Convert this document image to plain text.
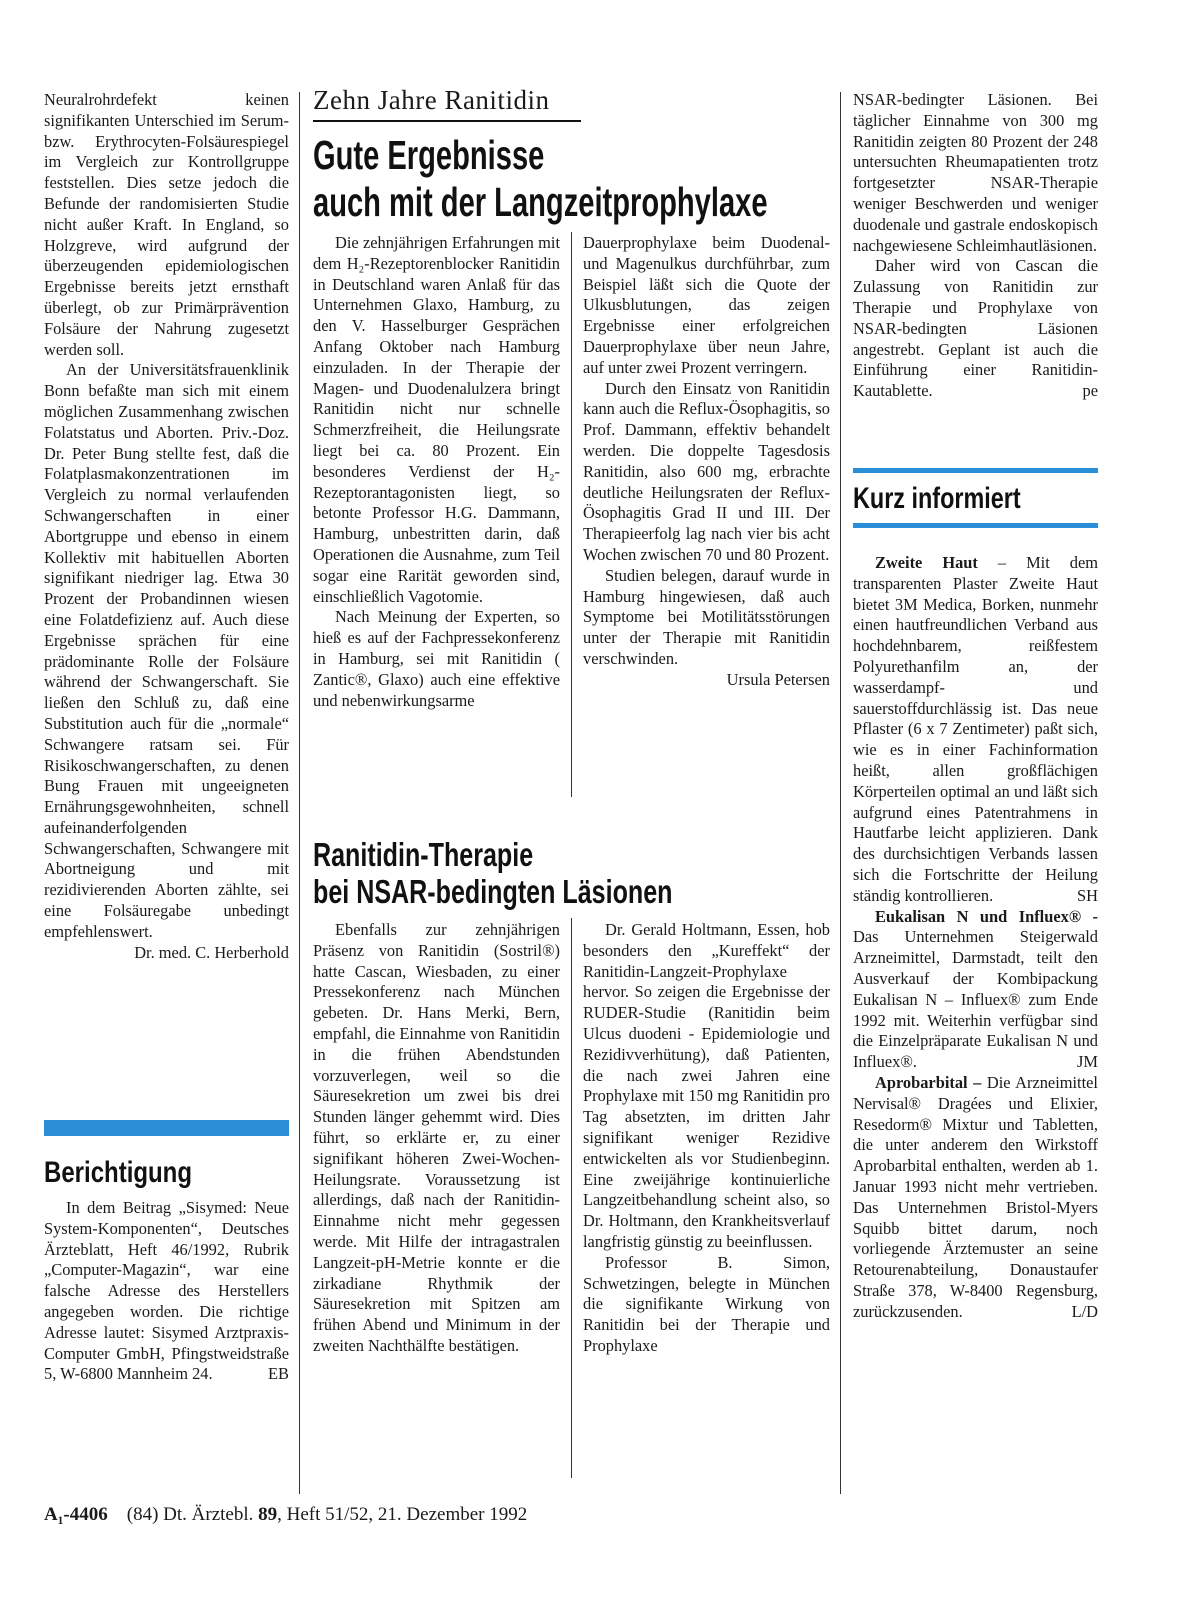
Neuralrohrdefekt keinen signifikanten Unterschied im Serum- bzw. Erythrocyten-Folsäurespiegel im Vergleich zur Kontrollgruppe feststellen. Dies setze jedoch die Befunde der randomisierten Studie nicht außer Kraft. In England, so Holzgreve, wird aufgrund der überzeugenden epidemiologischen Ergebnisse bereits jetzt ernsthaft überlegt, ob zur Primärprävention Folsäure der Nahrung zugesetzt werden soll.

An der Universitätsfrauenklinik Bonn befaßte man sich mit einem möglichen Zusammenhang zwischen Folatstatus und Aborten. Priv.-Doz. Dr. Peter Bung stellte fest, daß die Folatplasmakonzentrationen im Vergleich zu normal verlaufenden Schwangerschaften in einer Abortgruppe und ebenso in einem Kollektiv mit habituellen Aborten signifikant niedriger lag. Etwa 30 Prozent der Probandinnen wiesen eine Folatdefizienz auf. Auch diese Ergebnisse sprächen für eine prädominante Rolle der Folsäure während der Schwangerschaft. Sie ließen den Schluß zu, daß eine Substitution auch für die „normale“ Schwangere ratsam sei. Für Risikoschwangerschaften, zu denen Bung Frauen mit ungeeigneten Ernährungsgewohnheiten, schnell aufeinanderfolgenden Schwangerschaften, Schwangere mit Abortneigung und mit rezidivierenden Aborten zählte, sei eine Folsäuregabe unbedingt empfehlenswert.

Dr. med. C. Herberhold

Berichtigung

In dem Beitrag „Sisymed: Neue System-Komponenten“, Deutsches Ärzteblatt, Heft 46/1992, Rubrik „Computer-Magazin“, war eine falsche Adresse des Herstellers angegeben worden. Die richtige Adresse lautet: Sisymed Arztpraxis-Computer GmbH, Pfingstweidstraße 5, W-6800 Mannheim 24.	EB

Zehn Jahre Ranitidin
Gute Ergebnisse
auch mit der Langzeitprophylaxe

Die zehnjährigen Erfahrungen mit dem H₂-Rezeptorenblocker Ranitidin in Deutschland waren Anlaß für das Unternehmen Glaxo, Hamburg, zu den V. Hasselburger Gesprächen Anfang Oktober nach Hamburg einzuladen. In der Therapie der Magen- und Duodenalulzera bringt Ranitidin nicht nur schnelle Schmerzfreiheit, die Heilungsrate liegt bei ca. 80 Prozent. Ein besonderes Verdienst der H₂-Rezeptorantagonisten liegt, so betonte Professor H.G. Dammann, Hamburg, unbestritten darin, daß Operationen die Ausnahme, zum Teil sogar eine Rarität geworden sind, einschließlich Vagotomie.

Nach Meinung der Experten, so hieß es auf der Fachpressekonferenz in Hamburg, sei mit Ranitidin ( Zantic®, Glaxo) auch eine effektive und nebenwirkungsarme

Dauerprophylaxe beim Duodenal- und Magenulkus durchführbar, zum Beispiel läßt sich die Quote der Ulkusblutungen, das zeigen Ergebnisse einer erfolgreichen Dauerprophylaxe über neun Jahre, auf unter zwei Prozent verringern.

Durch den Einsatz von Ranitidin kann auch die Reflux-Ösophagitis, so Prof. Dammann, effektiv behandelt werden. Die doppelte Tagesdosis Ranitidin, also 600 mg, erbrachte deutliche Heilungsraten der Reflux-Ösophagitis Grad II und III. Der Therapieerfolg lag nach vier bis acht Wochen zwischen 70 und 80 Prozent.

Studien belegen, darauf wurde in Hamburg hingewiesen, daß auch Symptome bei Motilitätsstörungen unter der Therapie mit Ranitidin verschwinden.

Ursula Petersen

Ranitidin-Therapie
bei NSAR-bedingten Läsionen

Ebenfalls zur zehnjährigen Präsenz von Ranitidin (Sostril®) hatte Cascan, Wiesbaden, zu einer Pressekonferenz nach München gebeten. Dr. Hans Merki, Bern, empfahl, die Einnahme von Ranitidin in die frühen Abendstunden vorzuverlegen, weil so die Säuresekretion um zwei bis drei Stunden länger gehemmt wird. Dies führt, so erklärte er, zu einer signifikant höheren Zwei-Wochen-Heilungsrate. Voraussetzung ist allerdings, daß nach der Ranitidin-Einnahme nicht mehr gegessen werde. Mit Hilfe der intragastralen Langzeit-pH-Metrie konnte er die zirkadiane Rhythmik der Säuresekretion mit Spitzen am frühen Abend und Minimum in der zweiten Nachthälfte bestätigen.

Dr. Gerald Holtmann, Essen, hob besonders den „Kureffekt“ der Ranitidin-Langzeit-Prophylaxe hervor. So zeigen die Ergebnisse der RUDER-Studie (Ranitidin beim Ulcus duodeni - Epidemiologie und Rezidivverhütung), daß Patienten, die nach zwei Jahren eine Prophylaxe mit 150 mg Ranitidin pro Tag absetzten, im dritten Jahr signifikant weniger Rezidive entwickelten als vor Studienbeginn. Eine zweijährige kontinuierliche Langzeitbehandlung scheint also, so Dr. Holtmann, den Krankheitsverlauf langfristig günstig zu beeinflussen.

Professor B. Simon, Schwetzingen, belegte in München die signifikante Wirkung von Ranitidin bei der Therapie und Prophylaxe

NSAR-bedingter Läsionen. Bei täglicher Einnahme von 300 mg Ranitidin zeigten 80 Prozent der 248 untersuchten Rheumapatienten trotz fortgesetzter NSAR-Therapie weniger Beschwerden und weniger duodenale und gastrale endoskopisch nachgewiesene Schleimhautläsionen.

Daher wird von Cascan die Zulassung von Ranitidin zur Therapie und Prophylaxe von NSAR-bedingten Läsionen angestrebt. Geplant ist auch die Einführung einer Ranitidin-Kautablette.	pe

Kurz informiert

Zweite Haut – Mit dem transparenten Plaster Zweite Haut bietet 3M Medica, Borken, nunmehr einen hautfreundlichen Verband aus hochdehnbarem, reißfestem Polyurethanfilm an, der wasserdampf- und sauerstoffdurchlässig ist. Das neue Pflaster (6 x 7 Zentimeter) paßt sich, wie es in einer Fachinformation heißt, allen großflächigen Körperteilen optimal an und läßt sich aufgrund eines Patentrahmens in Hautfarbe leicht applizieren. Dank des durchsichtigen Verbands lassen sich die Fortschritte der Heilung ständig kontrollieren.	SH

Eukalisan N und Influex® - Das Unternehmen Steigerwald Arzneimittel, Darmstadt, teilt den Ausverkauf der Kombipackung Eukalisan N – Influex® zum Ende 1992 mit. Weiterhin verfügbar sind die Einzelpräparate Eukalisan N und Influex®.	JM

Aprobarbital – Die Arzneimittel Nervisal® Dragées und Elixier, Resedorm® Mixtur und Tabletten, die unter anderem den Wirkstoff Aprobarbital enthalten, werden ab 1. Januar 1993 nicht mehr vertrieben. Das Unternehmen Bristol-Myers Squibb bittet darum, noch vorliegende Ärztemuster an seine Retourenabteilung, Donaustaufer Straße 378, W-8400 Regensburg, zurückzusenden.	L/D

A₁-4406 (84) Dt. Ärztebl. 89, Heft 51/52, 21. Dezember 1992
